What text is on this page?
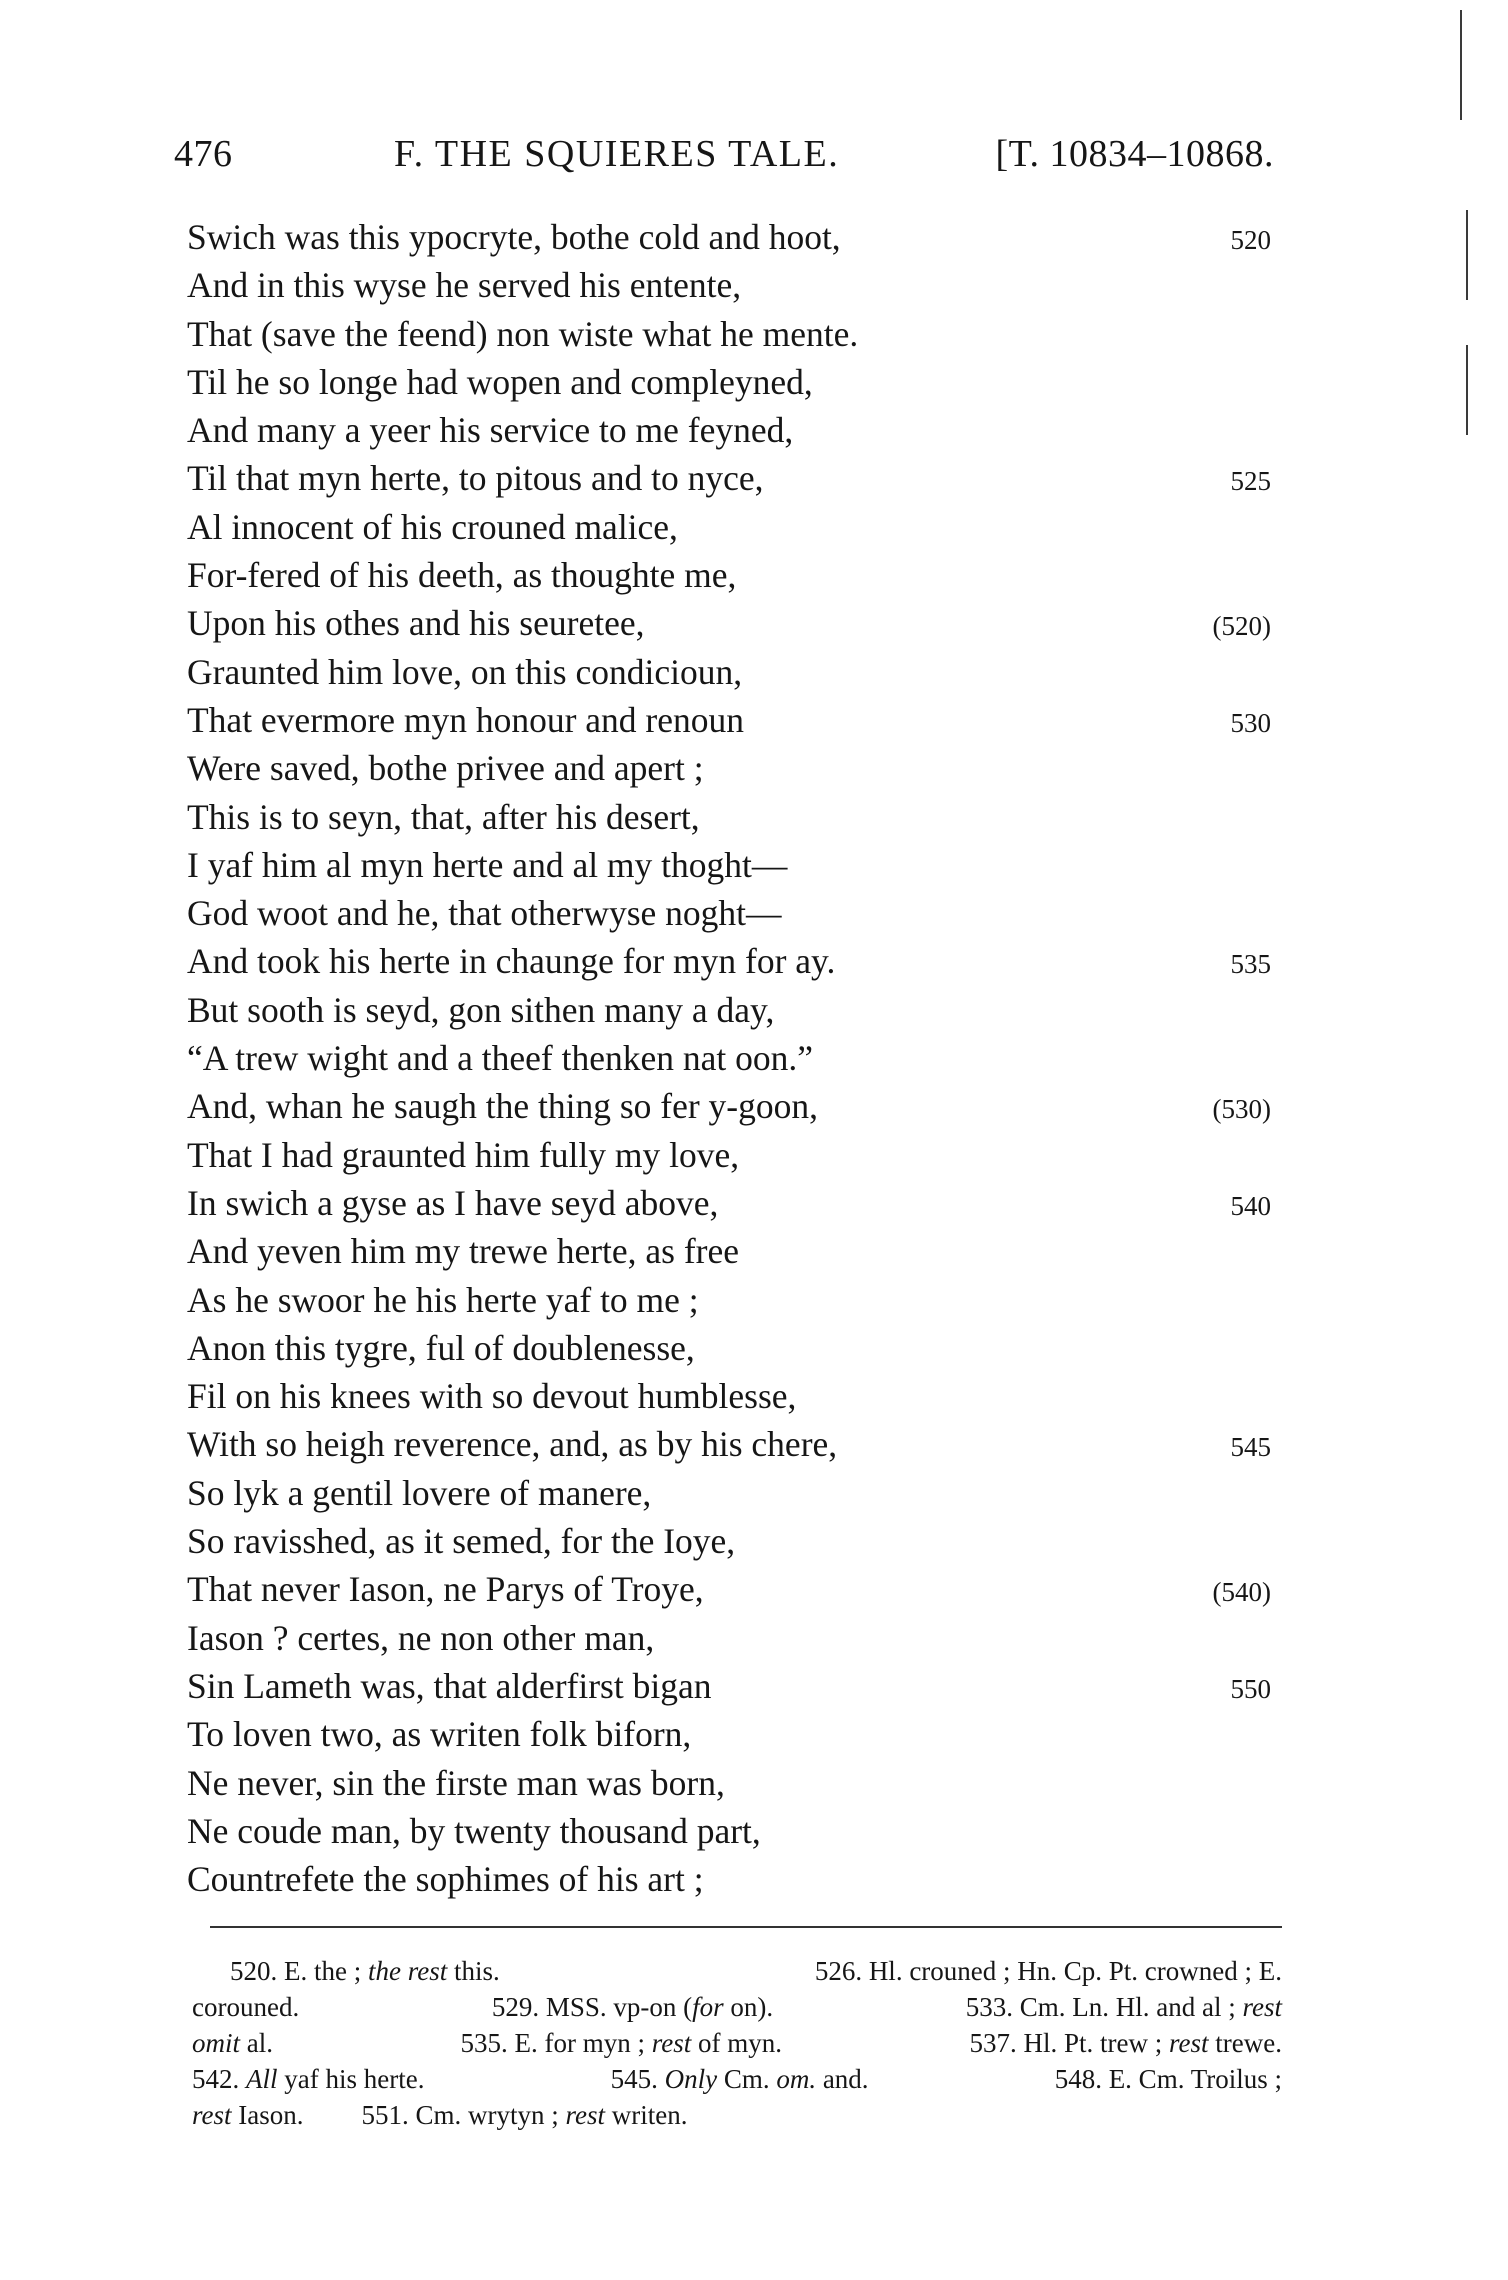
476	F. THE SQUIERES TALE.	[T. 10834–10868.
Swich was this ypocryte, bothe cold and hoot,	520
And in this wyse he served his entente,
That (save the feend) non wiste what he mente.
Til he so longe had wopen and compleyned,
And many a yeer his service to me feyned,
Til that myn herte, to pitous and to nyce,	525
Al innocent of his crouned malice,
For-fered of his deeth, as thoughte me,
Upon his othes and his seuretee,	(520)
Graunted him love, on this condicioun,
That evermore myn honour and renoun	530
Were saved, bothe privee and apert ;
This is to seyn, that, after his desert,
I yaf him al myn herte and al my thoght—
God woot and he, that otherwyse noght—
And took his herte in chaunge for myn for ay.	535
But sooth is seyd, gon sithen many a day,
“A trew wight and a theef thenken nat oon.”
And, whan he saugh the thing so fer y-goon,	(530)
That I had graunted him fully my love,
In swich a gyse as I have seyd above,	540
And yeven him my trewe herte, as free
As he swoor he his herte yaf to me ;
Anon this tygre, ful of doublenesse,
Fil on his knees with so devout humblesse,
With so heigh reverence, and, as by his chere,	545
So lyk a gentil lovere of manere,
So ravisshed, as it semed, for the Ioye,
That never Iason, ne Parys of Troye,	(540)
Iason ? certes, ne non other man,
Sin Lameth was, that alderfirst bigan	550
To loven two, as writen folk biforn,
Ne never, sin the firste man was born,
Ne coude man, by twenty thousand part,
Countrefete the sophimes of his art ;
520. E. the ; the rest this.	526. Hl. crouned ; Hn. Cp. Pt. crowned ; E.
corouned.	529. MSS. vp-on (for on).	533. Cm. Ln. Hl. and al ; rest
omit al.	535. E. for myn ; rest of myn.	537. Hl. Pt. trew ; rest trewe.
542. All yaf his herte.	545. Only Cm. om. and.	548. E. Cm. Troilus ;
rest Iason. 551. Cm. wrytyn ; rest writen.
